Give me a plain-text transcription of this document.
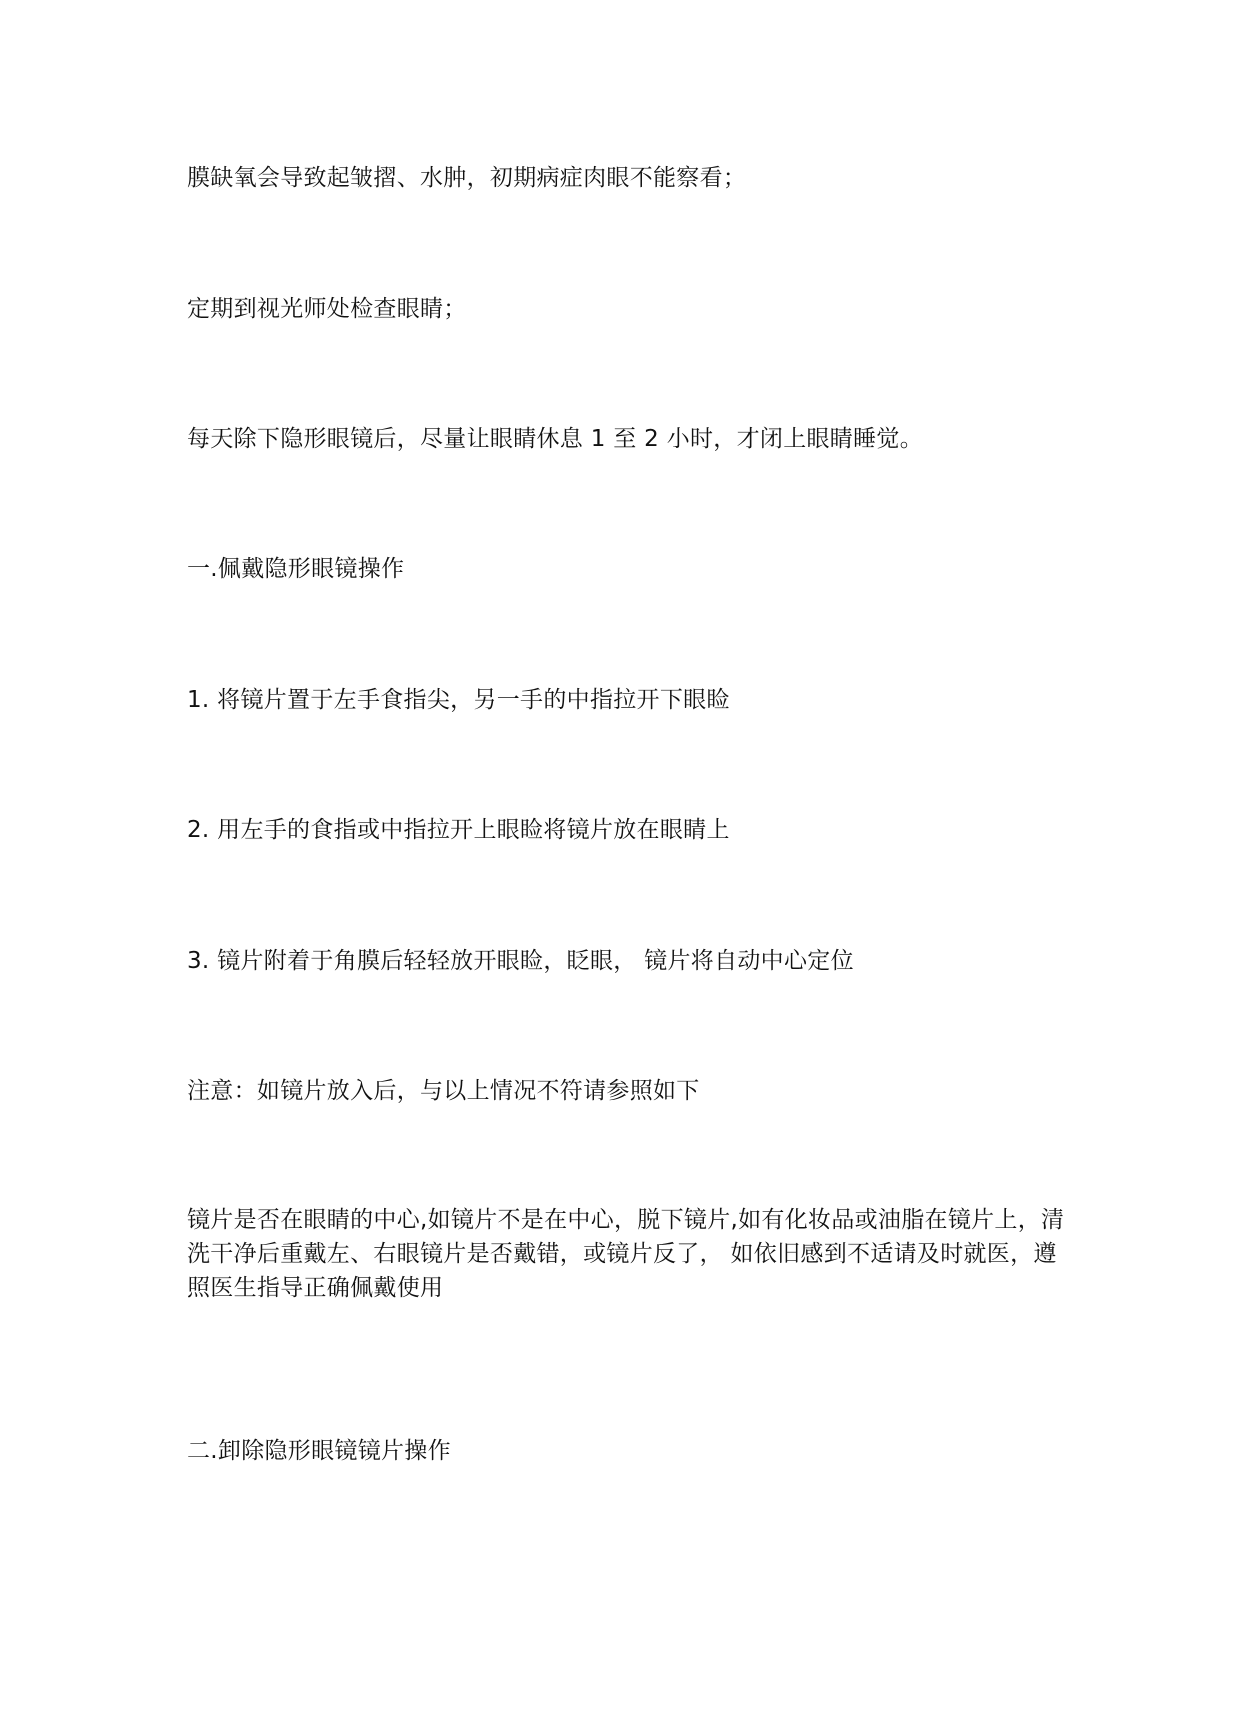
膜缺氧会导致起皱摺、水肿，初期病症肉眼不能察看；
定期到视光师处检查眼睛；
每天除下隐形眼镜后，尽量让眼睛休息 1 至 2 小时，才闭上眼睛睡觉。
一.佩戴隐形眼镜操作
1. 将镜片置于左手食指尖，另一手的中指拉开下眼睑
2. 用左手的食指或中指拉开上眼睑将镜片放在眼睛上
3. 镜片附着于角膜后轻轻放开眼睑，眨眼， 镜片将自动中心定位
注意：如镜片放入后，与以上情况不符请参照如下
镜片是否在眼睛的中心,如镜片不是在中心，脱下镜片,如有化妆品或油脂在镜片上，清
洗干净后重戴左、右眼镜片是否戴错，或镜片反了， 如依旧感到不适请及时就医，遵
照医生指导正确佩戴使用
二.卸除隐形眼镜镜片操作
